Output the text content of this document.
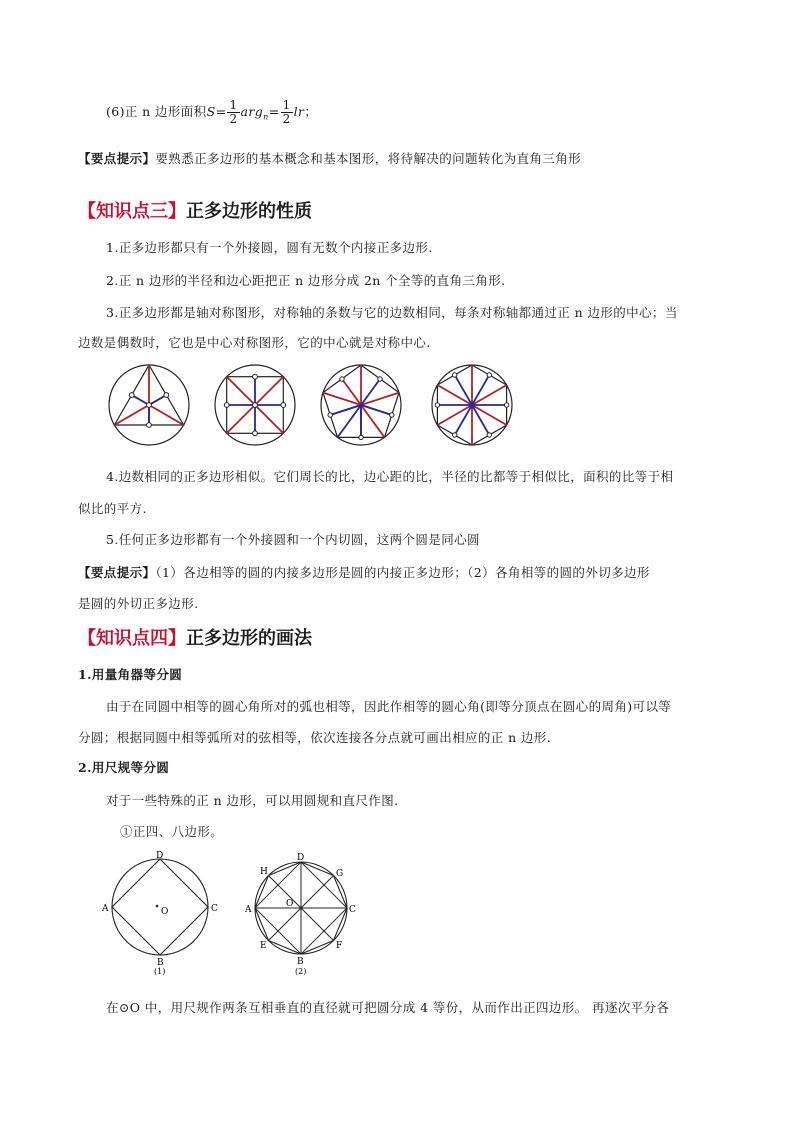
(6)正 n 边形面积$S= \frac{1}{2} arg_n= \frac{1}{2}$ lr；
【要点提示】要熟悉正多边形的基本概念和基本图形，将待解决的问题转化为直角三角形
【知识点三】正多边形的性质
1.正多边形都只有一个外接圆，圆有无数个内接正多边形.
2.正 n 边形的半径和边心距把正 n 边形分成 2n 个全等的直角三角形.
3.正多边形都是轴对称图形，对称轴的条数与它的边数相同，每条对称轴都通过正 n 边形的中心；当
边数是偶数时，它也是中心对称图形，它的中心就是对称中心.
4.边数相同的正多边形相似。它们周长的比，边心距的比，半径的比都等于相似比，面积的比等于相
似比的平方.
5.任何正多边形都有一个外接圆和一个内切圆，这两个圆是同心圆
【要点提示】（1）各边相等的圆的内接多边形是圆的内接正多边形；（2）各角相等的圆的外切多边形
是圆的外切正多边形.
【知识点四】正多边形的画法
1.用量角器等分圆
由于在同圆中相等的圆心角所对的弧也相等，因此作相等的圆心角(即等分顶点在圆心的周角)可以等
分圆；根据同圆中相等弧所对的弦相等，依次连接各分点就可画出相应的正 n 边形.
2.用尺规等分圆
对于一些特殊的正 n 边形，可以用圆规和直尺作图.
①正四、八边形。
D
A	C
B
O
(1)
D
A	C
B
O
H	G
E	F
(2)
在⊙O 中，用尺规作两条互相垂直的直径就可把圆分成 4 等份，从而作出正四边形。 再逐次平分各
